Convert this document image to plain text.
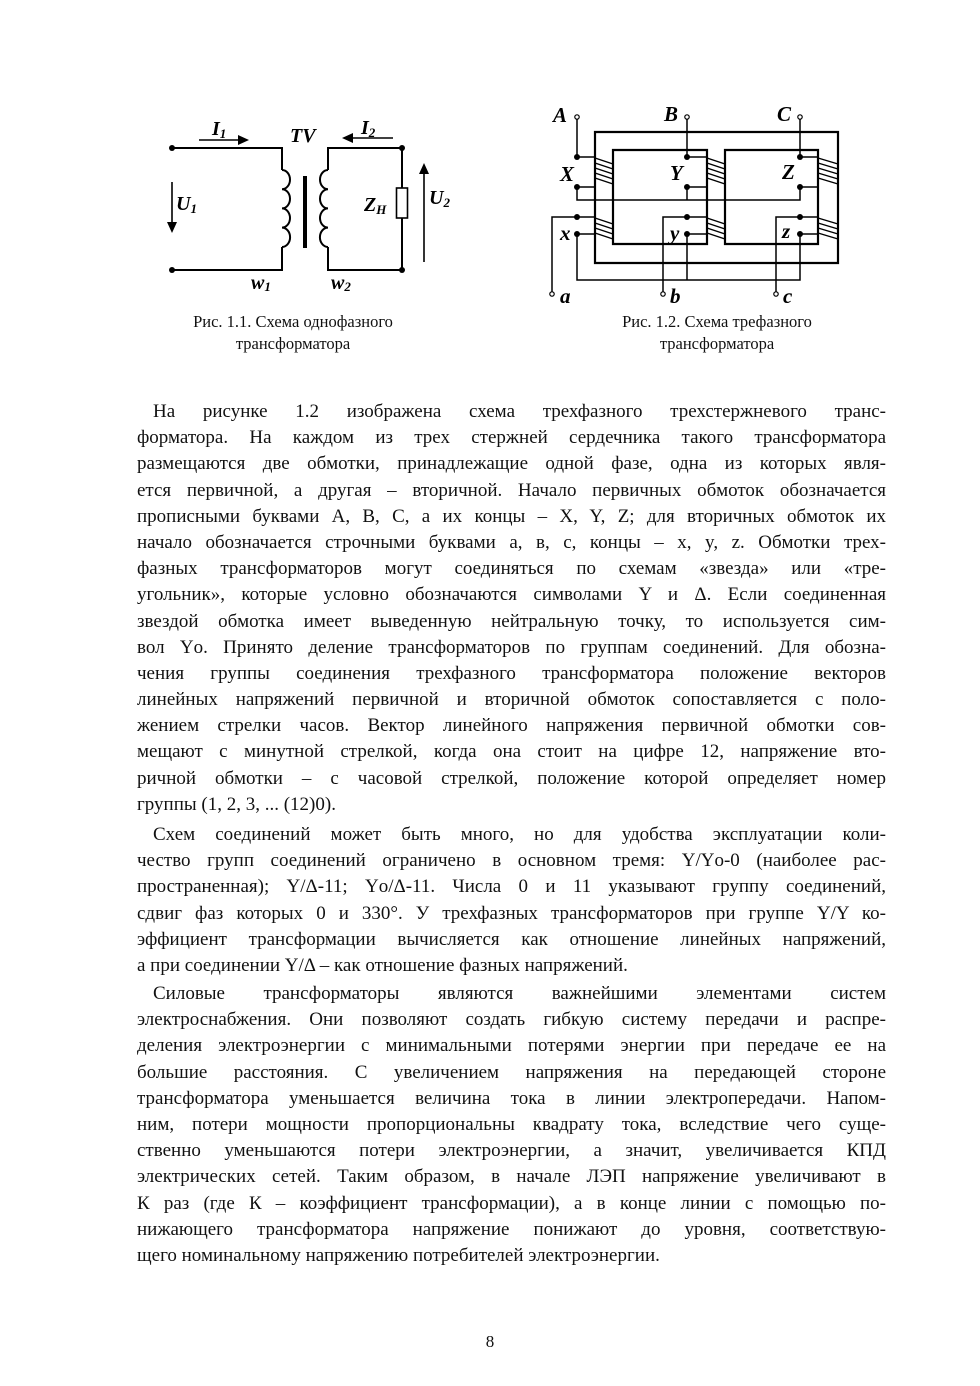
I1	TV I2
U1	ZH
U2
w1	w2
Рис. 1.1. Схема однофазного
трансформатора
A	B	C
X	Y	Z
x	y	z
a	b	c
Рис. 1.2. Схема трефазного
трансформатора
На рисунке 1.2 изображена схема трехфазного трехстержневого транс-
форматора. На каждом из трех стержней сердечника такого трансформатора
размещаются две обмотки, принадлежащие одной фазе, одна из которых явля-
ется первичной, а другая – вторичной. Начало первичных обмоток обозначается
прописными буквами A, B, C, а их концы – X, Y, Z; для вторичных обмоток их
начало обозначается строчными буквами a, в, c, концы – x, y, z. Обмотки трех-
фазных трансформаторов могут соединяться по схемам «звезда» или «тре-
угольник», которые условно обозначаются символами Y и Δ. Если соединенная
звездой обмотка имеет выведенную нейтральную точку, то используется сим-
вол Yо. Принято деление трансформаторов по группам соединений. Для обозна-
чения группы соединения трехфазного трансформатора положение векторов
линейных напряжений первичной и вторичной обмоток сопоставляется с поло-
жением стрелки часов. Вектор линейного напряжения первичной обмотки сов-
мещают с минутной стрелкой, когда она стоит на цифре 12, напряжение вто-
ричной обмотки – с часовой стрелкой, положение которой определяет номер
группы (1, 2, 3, ... (12)0).
Схем соединений может быть много, но для удобства эксплуатации коли-
чество групп соединений ограничено в основном тремя: Y/Yо-0 (наиболее рас-
пространенная); Y/Δ-11; Yо/Δ-11. Числа 0 и 11 указывают группу соединений,
сдвиг фаз которых 0 и 330°. У трехфазных трансформаторов при группе Y/Y ко-
эффициент трансформации вычисляется как отношение линейных напряжений,
а при соединении Y/Δ – как отношение фазных напряжений.
Силовые трансформаторы являются важнейшими элементами систем
электроснабжения. Они позволяют создать гибкую систему передачи и распре-
деления электроэнергии с минимальными потерями энергии при передаче ее на
большие расстояния. С увеличением напряжения на передающей стороне
трансформатора уменьшается величина тока в линии электропередачи. Напом-
ним, потери мощности пропорциональны квадрату тока, вследствие чего суще-
ственно уменьшаются потери электроэнергии, а значит, увеличивается КПД
электрических сетей. Таким образом, в начале ЛЭП напряжение увеличивают в
К раз (где К – коэффициент трансформации), а в конце линии с помощью по-
нижающего трансформатора напряжение понижают до уровня, соответствую-
щего номинальному напряжению потребителей электроэнергии.
8
